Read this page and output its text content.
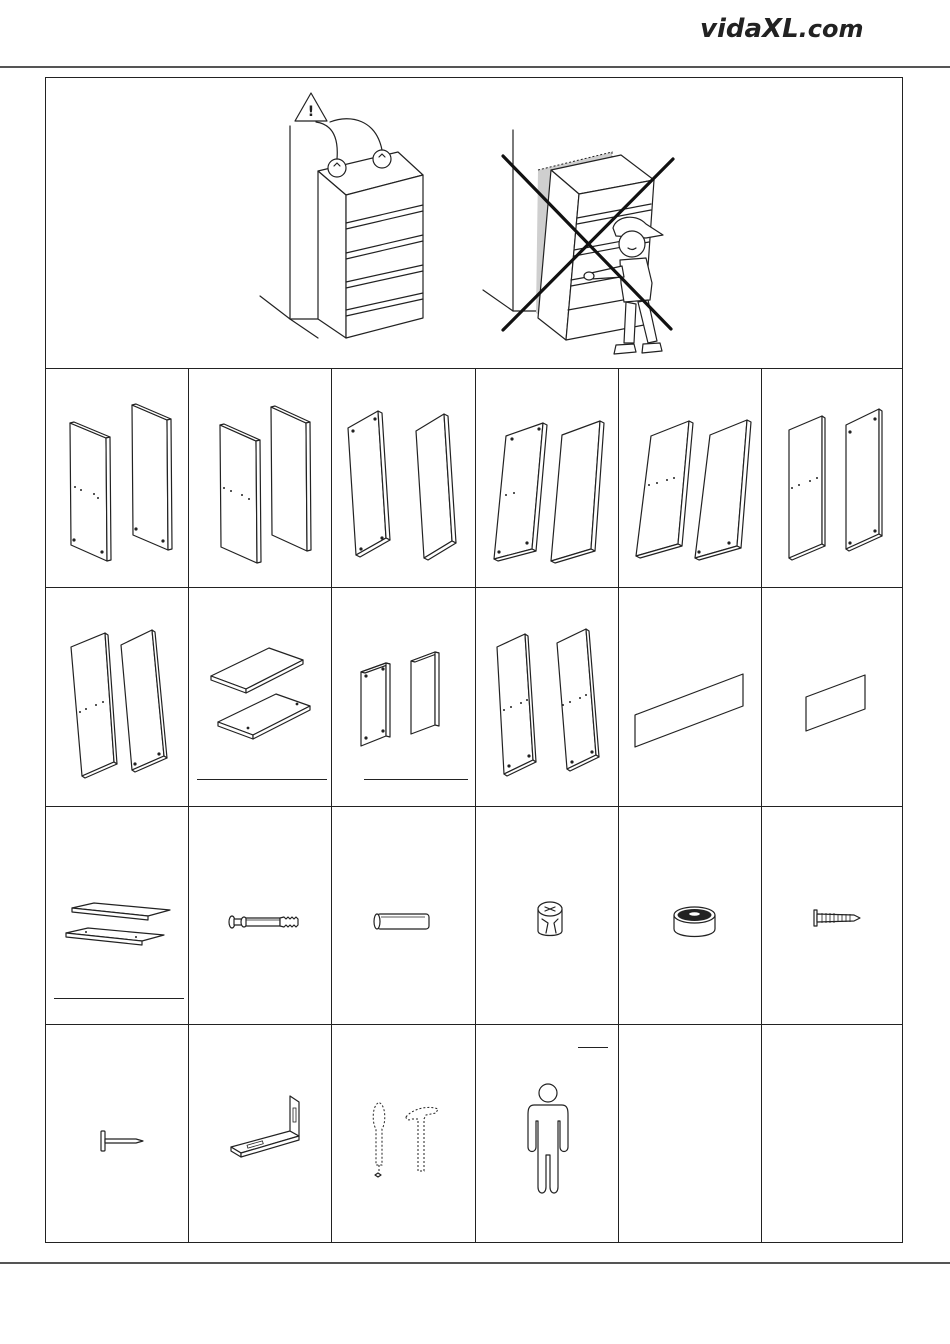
vidaXL.com
!
